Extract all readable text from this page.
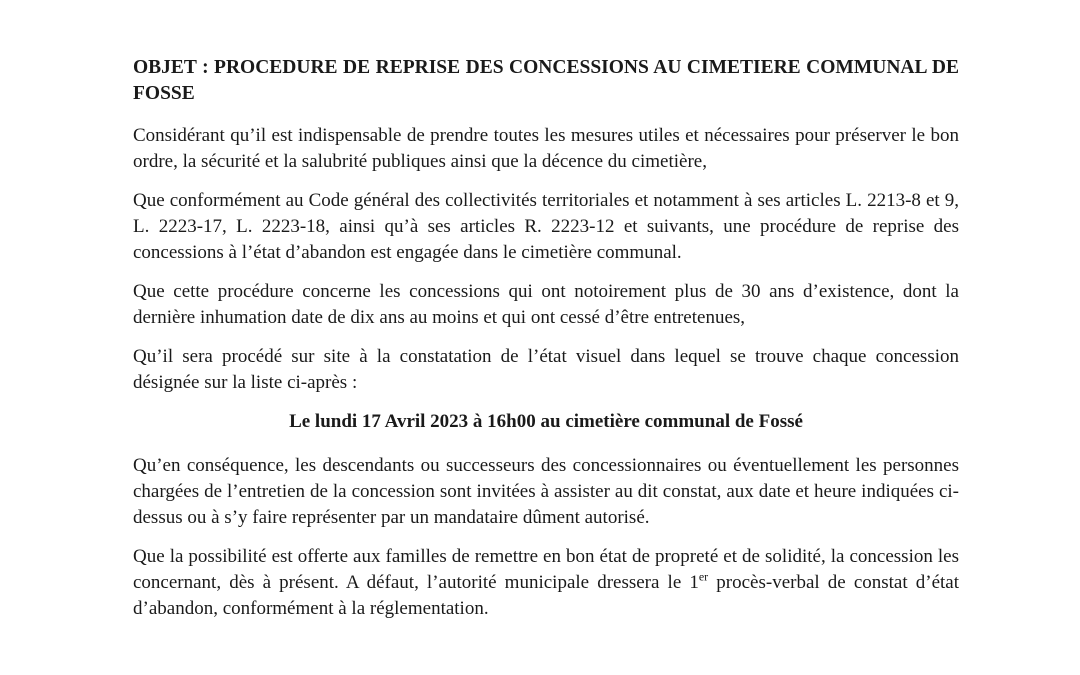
OBJET : PROCEDURE DE REPRISE DES CONCESSIONS AU CIMETIERE COMMUNAL DE FOSSE

Considérant qu’il est indispensable de prendre toutes les mesures utiles et nécessaires pour préserver le bon ordre, la sécurité et la salubrité publiques ainsi que la décence du cimetière,

Que conformément au Code général des collectivités territoriales et notamment à ses articles L. 2213-8 et 9, L. 2223-17, L. 2223-18, ainsi qu’à ses articles R. 2223-12 et suivants, une procédure de reprise des concessions à l’état d’abandon est engagée dans le cimetière communal.

Que cette procédure concerne les concessions qui ont notoirement plus de 30 ans d’existence, dont la dernière inhumation date de dix ans au moins et qui ont cessé d’être entretenues,

Qu’il sera procédé sur site à la constatation de l’état visuel dans lequel se trouve chaque concession désignée sur la liste ci-après :

Le lundi 17 Avril 2023 à 16h00 au cimetière communal de Fossé

Qu’en conséquence, les descendants ou successeurs des concessionnaires ou éventuellement les personnes chargées de l’entretien de la concession sont invitées à assister au dit constat, aux date et heure indiquées ci-dessus ou à s’y faire représenter par un mandataire dûment autorisé.

Que la possibilité est offerte aux familles de remettre en bon état de propreté et de solidité, la concession les concernant, dès à présent. A défaut, l’autorité municipale dressera le 1er procès-verbal de constat d’état d’abandon, conformément à la réglementation.
